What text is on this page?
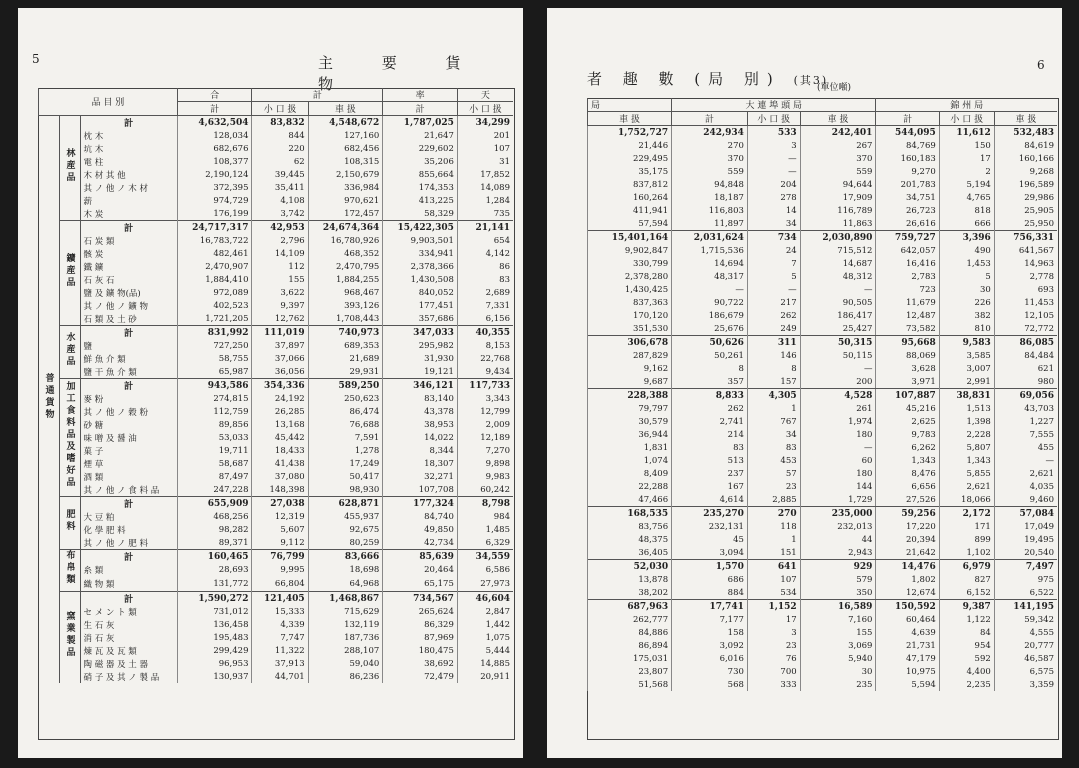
5	主 要 貨 物
品 目 別			合	計		率	天
			計	小 口 扱	車 扱	計	小 口 扱
普通貨物	林産品	計	4,632,504	83,832	4,548,672	1,787,025	34,299
		枕 木	128,034	844	127,160	21,647	201
		坑 木	682,676	220	682,456	229,602	107
		電 柱	108,377	62	108,315	35,206	31
		木 材 其 他	2,190,124	39,445	2,150,679	855,664	17,852
		其 ノ 他 ノ 木 材	372,395	35,411	336,984	174,353	14,089
		薪	974,729	4,108	970,621	413,225	1,284
		木 炭	176,199	3,742	172,457	58,329	735
	鑛産品	計	24,717,317	42,953	24,674,364	15,422,305	21,141
		石 炭 類	16,783,722	2,796	16,780,926	9,903,501	654
		骸 炭	482,461	14,109	468,352	334,941	4,142
		鐵 鑛	2,470,907	112	2,470,795	2,378,366	86
		石 灰 石	1,884,410	155	1,884,255	1,430,508	83
		鹽 及 鑛 物(品)	972,089	3,622	968,467	840,052	2,689
		其 ノ 他 ノ 鑛 物	402,523	9,397	393,126	177,451	7,331
		石 類 及 土 砂	1,721,205	12,762	1,708,443	357,686	6,156
	水産品	計	831,992	111,019	740,973	347,033	40,355
		鹽	727,250	37,897	689,353	295,982	8,153
		鮮 魚 介 類	58,755	37,066	21,689	31,930	22,768
		鹽 干 魚 介 類	65,987	36,056	29,931	19,121	9,434
	加工食料品及嗜好品	計	943,586	354,336	589,250	346,121	117,733
		麥 粉	274,815	24,192	250,623	83,140	3,343
		其 ノ 他 ノ 穀 粉	112,759	26,285	86,474	43,378	12,799
		砂 糖	89,856	13,168	76,688	38,953	2,009
		味 噌 及 醤 油	53,033	45,442	7,591	14,022	12,189
		菓 子	19,711	18,433	1,278	8,344	7,270
		煙 草	58,687	41,438	17,249	18,307	9,898
		酒 類	87,497	37,080	50,417	32,271	9,983
		其 ノ 他 ノ 食 料 品	247,228	148,398	98,930	107,708	60,242
	肥料	計	655,909	27,038	628,871	177,324	8,798
		大 豆 粕	468,256	12,319	455,937	84,740	984
		化 學 肥 料	98,282	5,607	92,675	49,850	1,485
		其 ノ 他 ノ 肥 料	89,371	9,112	80,259	42,734	6,329
	布帛類	計	160,465	76,799	83,666	85,639	34,559
		糸 類	28,693	9,995	18,698	20,464	6,586
		織 物 類	131,772	66,804	64,968	65,175	27,973
	窯業製品	計	1,590,272	121,405	1,468,867	734,567	46,604
		セ メ ン ト 類	731,012	15,333	715,629	265,624	2,847
		生 石 灰	136,458	4,339	132,119	86,329	1,442
		消 石 灰	195,483	7,747	187,736	87,969	1,075
		煉 瓦 及 瓦 類	299,429	11,322	288,107	180,475	5,444
		陶 磁 器 及 土 器	96,953	37,913	59,040	38,692	14,885
		硝 子 及 其 ノ 製 品	130,937	44,701	86,236	72,479	20,911
者 趣 數 (局 別) (其3)
(單位噸)
6
局	大 連 埠 頭 局			錦 州 局		
車 扱	計	小 口 扱	車 扱	計	小 口 扱	車 扱
1,752,727	242,934	533	242,401	544,095	11,612	532,483
21,446	270	3	267	84,769	150	84,619
229,495	370	—	370	160,183	17	160,166
35,175	559	—	559	9,270	2	9,268
837,812	94,848	204	94,644	201,783	5,194	196,589
160,264	18,187	278	17,909	34,751	4,765	29,986
411,941	116,803	14	116,789	26,723	818	25,905
57,594	11,897	34	11,863	26,616	666	25,950
15,401,164	2,031,624	734	2,030,890	759,727	3,396	756,331
9,902,847	1,715,536	24	715,512	642,057	490	641,567
330,799	14,694	7	14,687	16,416	1,453	14,963
2,378,280	48,317	5	48,312	2,783	5	2,778
1,430,425	—	—	—	723	30	693
837,363	90,722	217	90,505	11,679	226	11,453
170,120	186,679	262	186,417	12,487	382	12,105
351,530	25,676	249	25,427	73,582	810	72,772
306,678	50,626	311	50,315	95,668	9,583	86,085
287,829	50,261	146	50,115	88,069	3,585	84,484
9,162	8	8	—	3,628	3,007	621
9,687	357	157	200	3,971	2,991	980
228,388	8,833	4,305	4,528	107,887	38,831	69,056
79,797	262	1	261	45,216	1,513	43,703
30,579	2,741	767	1,974	2,625	1,398	1,227
36,944	214	34	180	9,783	2,228	7,555
1,831	83	83	—	6,262	5,807	455
1,074	513	453	60	1,343	1,343	—
8,409	237	57	180	8,476	5,855	2,621
22,288	167	23	144	6,656	2,621	4,035
47,466	4,614	2,885	1,729	27,526	18,066	9,460
168,535	235,270	270	235,000	59,256	2,172	57,084
83,756	232,131	118	232,013	17,220	171	17,049
48,375	45	1	44	20,394	899	19,495
36,405	3,094	151	2,943	21,642	1,102	20,540
52,030	1,570	641	929	14,476	6,979	7,497
13,878	686	107	579	1,802	827	975
38,202	884	534	350	12,674	6,152	6,522
687,963	17,741	1,152	16,589	150,592	9,387	141,195
262,777	7,177	17	7,160	60,464	1,122	59,342
84,886	158	3	155	4,639	84	4,555
86,894	3,092	23	3,069	21,731	954	20,777
175,031	6,016	76	5,940	47,179	592	46,587
23,807	730	700	30	10,975	4,400	6,575
51,568	568	333	235	5,594	2,235	3,359
